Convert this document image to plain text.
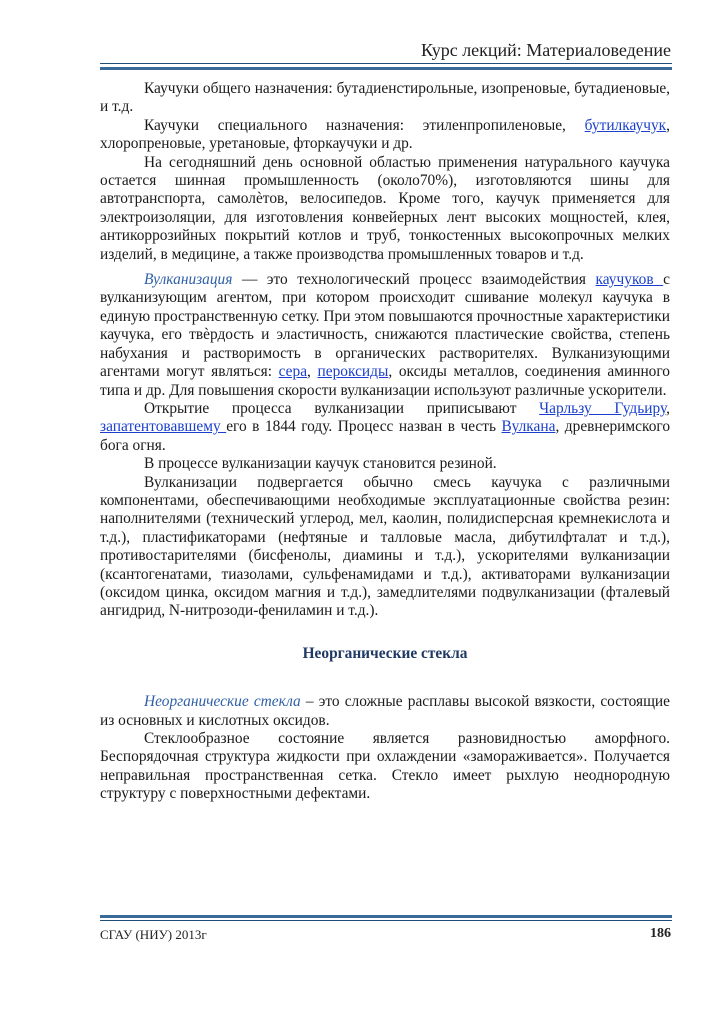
Курс лекций: Материаловедение

Каучуки общего назначения: бутадиенстирольные, изопреновые, бутадиеновые, и т.д.

Каучуки специального назначения: этиленпропиленовые, бутилкаучук, хлоропреновые, уретановые, фторкаучуки и др.

На сегодняшний день основной областью применения натурального каучука остается шинная промышленность (около70%), изготовляются шины для автотранспорта, самолѐтов, велосипедов. Кроме того, каучук применяется для электроизоляции, для изготовления конвейерных лент высоких мощностей, клея, антикоррозийных покрытий котлов и труб, тонкостенных высокопрочных мелких изделий, в медицине, а также производства промышленных товаров и т.д.

Вулканизация — это технологический процесс взаимодействия каучуков с вулканизующим агентом, при котором происходит сшивание молекул каучука в единую пространственную сетку. При этом повышаются прочностные характеристики каучука, его твѐрдость и эластичность, снижаются пластические свойства, степень набухания и растворимость в органических растворителях. Вулканизующими агентами могут являться: сера, пероксиды, оксиды металлов, соединения аминного типа и др. Для повышения скорости вулканизации используют различные ускорители.

Открытие процесса вулканизации приписывают Чарльзу Гудьиру, запатентовавшему его в 1844 году. Процесс назван в честь Вулкана, древнеримского бога огня.

В процессе вулканизации каучук становится резиной.

Вулканизации подвергается обычно смесь каучука с различными компонентами, обеспечивающими необходимые эксплуатационные свойства резин: наполнителями (технический углерод, мел, каолин, полидисперсная кремнекислота и т.д.), пластификаторами (нефтяные и талловые масла, дибутилфталат и т.д.), противостарителями (бисфенолы, диамины и т.д.), ускорителями вулканизации (ксантогенатами, тиазолами, сульфенамидами и т.д.), активаторами вулканизации (оксидом цинка, оксидом магния и т.д.), замедлителями подвулканизации (фталевый ангидрид, N-нитрозоди-фениламин и т.д.).

Неорганические стекла

Неорганические стекла – это сложные расплавы высокой вязкости, состоящие из основных и кислотных оксидов.

Стеклообразное состояние является разновидностью аморфного. Беспорядочная структура жидкости при охлаждении «замораживается». Получается неправильная пространственная сетка. Стекло имеет рыхлую неоднородную структуру с поверхностными дефектами.

СГАУ (НИУ) 2013г	186
